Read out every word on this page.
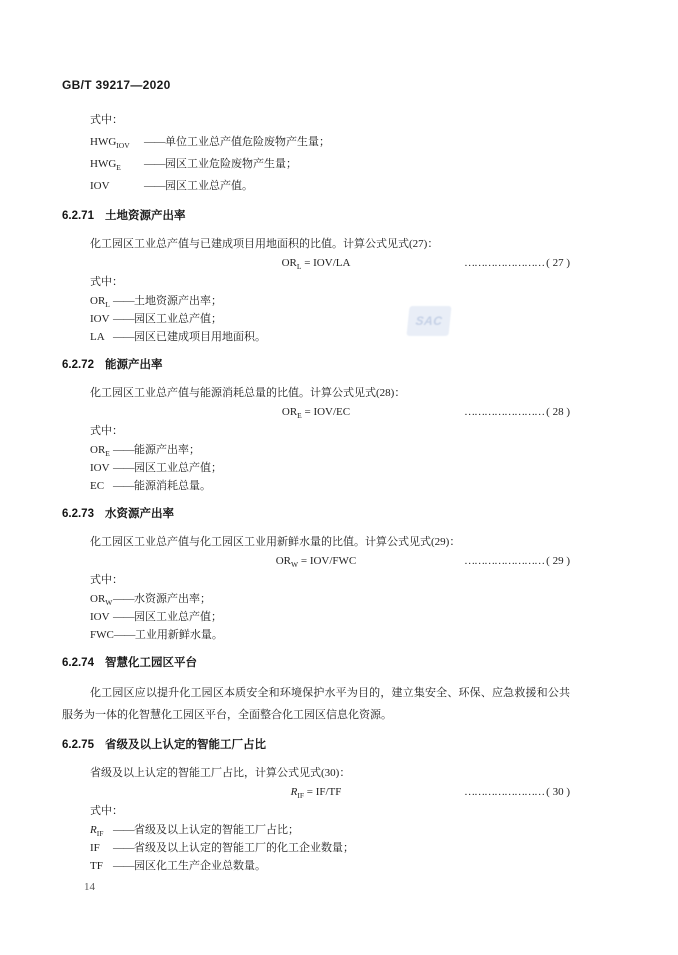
SAC
GB/T 39217—2020
式中：
$HWG_{IOV}$	—— 单位工业总产值危险废物产生量；
$HWG_E$	—— 园区工业危险废物产生量；
IOV	—— 园区工业总产值。
6.2.71 土地资源产出率

化工园区工业总产值与已建成项目用地面积的比值。计算公式见式(27)：

$OR_L = IOV/LA$	…………………… ( 27 )
式中：
$OR_L$ —— 土地资源产出率；
IOV —— 园区工业总产值；
LA —— 园区已建成项目用地面积。
6.2.72 能源产出率

化工园区工业总产值与能源消耗总量的比值。计算公式见式(28)：

$OR_E = IOV/EC$	…………………… ( 28 )
式中：
$OR_E$ —— 能源产出率；
IOV —— 园区工业总产值；
EC —— 能源消耗总量。
6.2.73 水资源产出率

化工园区工业总产值与化工园区工业用新鲜水量的比值。计算公式见式(29)：

$OR_W = IOV/FWC$	…………………… ( 29 )
式中：
$OR_W$ —— 水资源产出率；
IOV —— 园区工业总产值；
FWC —— 工业用新鲜水量。
6.2.74 智慧化工园区平台

化工园区应以提升化工园区本质安全和环境保护水平为目的，建立集安全、环保、应急救援和公共服务为一体的化智慧化工园区平台，全面整合化工园区信息化资源。

6.2.75 省级及以上认定的智能工厂占比

省级及以上认定的智能工厂占比，计算公式见式(30)：

$R_{IF} = IF/TF$	…………………… ( 30 )
式中：
$R_{IF}$ —— 省级及以上认定的智能工厂占比；
IF	—— 省级及以上认定的智能工厂的化工企业数量；
TF —— 园区化工生产企业总数量。
14
